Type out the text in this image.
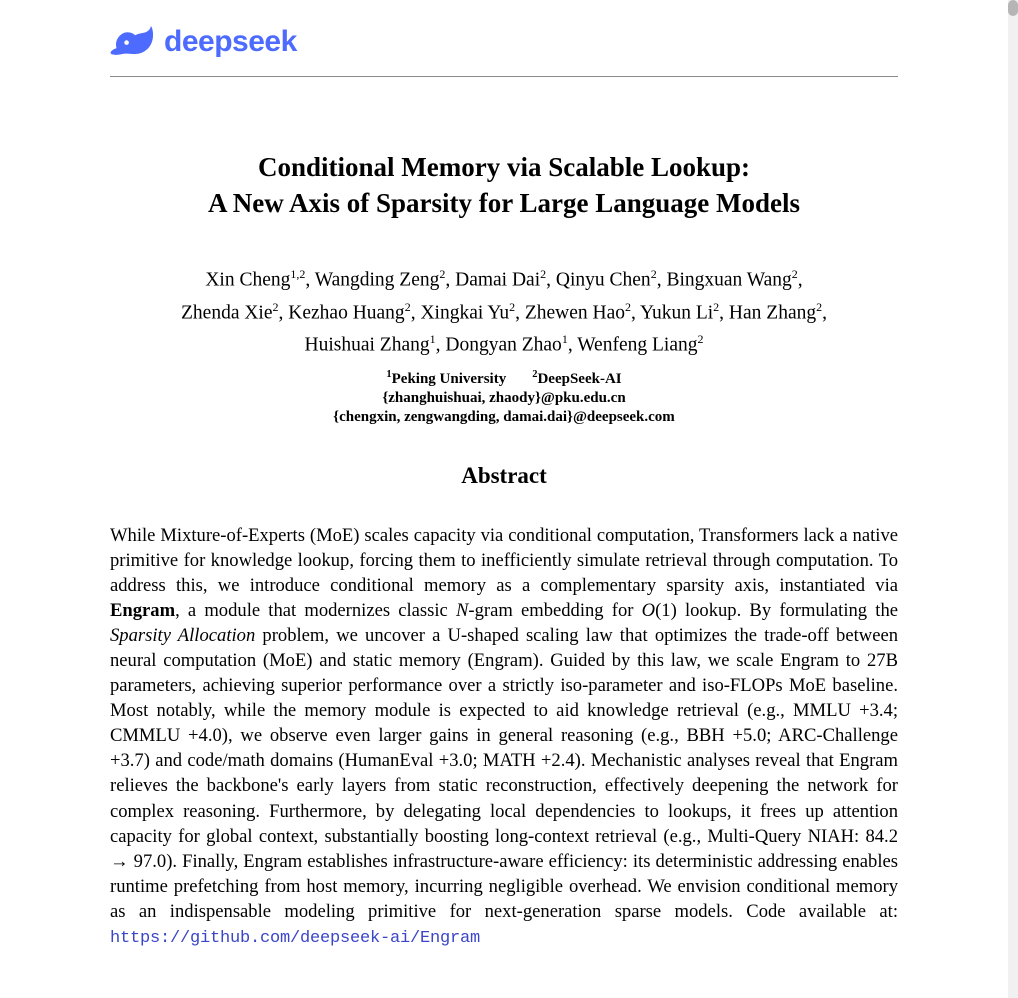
deepseek
Conditional Memory via Scalable Lookup:
A New Axis of Sparsity for Large Language Models
Xin Cheng$^{1,2}$, Wangding Zeng$^2$, Damai Dai$^2$, Qinyu Chen$^2$, Bingxuan Wang$^2$,
Zhenda Xie$^2$, Kezhao Huang$^2$, Xingkai Yu$^2$, Zhewen Hao$^2$, Yukun Li$^2$, Han Zhang$^2$,
Huishuai Zhang$^1$, Dongyan Zhao$^1$, Wenfeng Liang$^2$
$^1$Peking University $^2$DeepSeek-AI
{zhanghuishuai, zhaody}@pku.edu.cn
{chengxin, zengwangding, damai.dai}@deepseek.com
Abstract
While Mixture-of-Experts (MoE) scales capacity via conditional computation, Transformers lack a native primitive for knowledge lookup, forcing them to inefficiently simulate retrieval through computation. To address this, we introduce conditional memory as a complementary sparsity axis, instantiated via Engram, a module that modernizes classic N-gram embedding for O(1) lookup. By formulating the Sparsity Allocation problem, we uncover a U-shaped scaling law that optimizes the trade-off between neural computation (MoE) and static memory (Engram). Guided by this law, we scale Engram to 27B parameters, achieving superior performance over a strictly iso-parameter and iso-FLOPs MoE baseline. Most notably, while the memory module is expected to aid knowledge retrieval (e.g., MMLU +3.4; CMMLU +4.0), we observe even larger gains in general reasoning (e.g., BBH +5.0; ARC-Challenge +3.7) and code/math domains (HumanEval +3.0; MATH +2.4). Mechanistic analyses reveal that Engram relieves the backbone's early layers from static reconstruction, effectively deepening the network for complex reasoning. Furthermore, by delegating local dependencies to lookups, it frees up attention capacity for global context, substantially boosting long-context retrieval (e.g., Multi-Query NIAH: 84.2 → 97.0). Finally, Engram establishes infrastructure-aware efficiency: its deterministic addressing enables runtime prefetching from host memory, incurring negligible overhead. We envision conditional memory as an indispensable modeling primitive for next-generation sparse models. Code available at: https://github.com/deepseek-ai/Engram
